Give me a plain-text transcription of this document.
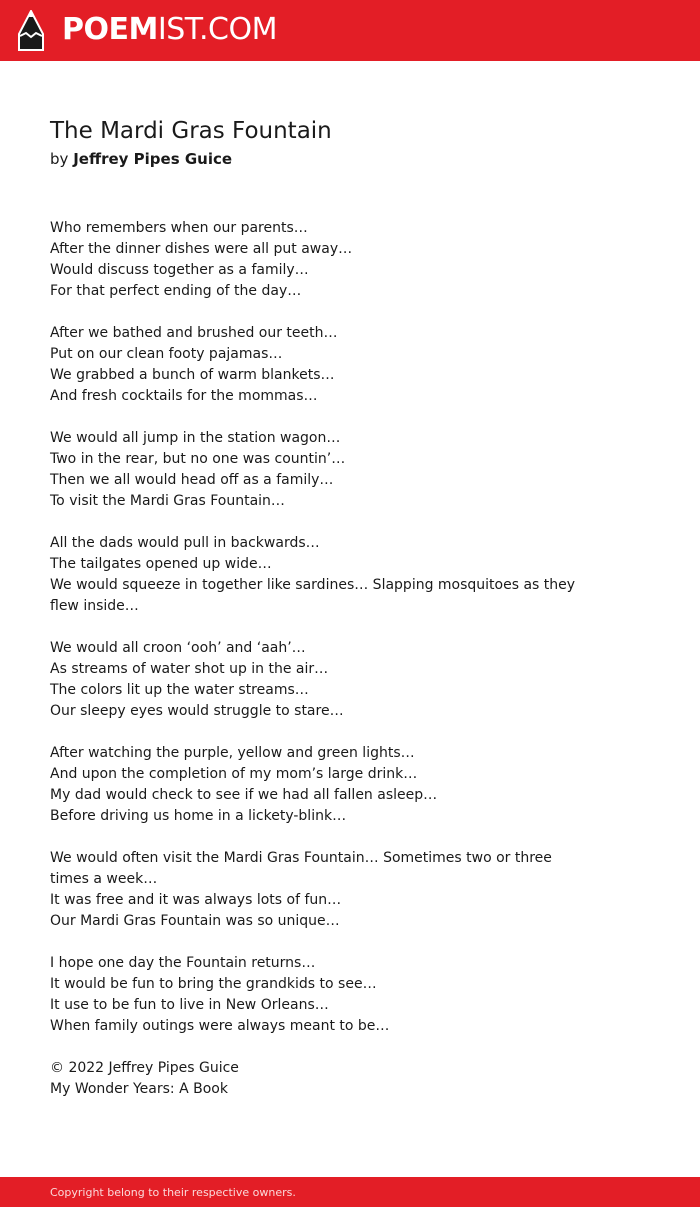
POEMIST.COM
The Mardi Gras Fountain
by Jeffrey Pipes Guice
Who remembers when our parents…
After the dinner dishes were all put away…
Would discuss together as a family…
For that perfect ending of the day…
After we bathed and brushed our teeth…
Put on our clean footy pajamas…
We grabbed a bunch of warm blankets…
And fresh cocktails for the mommas…
We would all jump in the station wagon…
Two in the rear, but no one was countin’…
Then we all would head off as a family…
To visit the Mardi Gras Fountain…
All the dads would pull in backwards…
The tailgates opened up wide…
We would squeeze in together like sardines… Slapping mosquitoes as they flew inside…
We would all croon ‘ooh’ and ‘aah’…
As streams of water shot up in the air…
The colors lit up the water streams…
Our sleepy eyes would struggle to stare…
After watching the purple, yellow and green lights…
And upon the completion of my mom’s large drink…
My dad would check to see if we had all fallen asleep…
Before driving us home in a lickety-blink…
We would often visit the Mardi Gras Fountain… Sometimes two or three times a week…
It was free and it was always lots of fun…
Our Mardi Gras Fountain was so unique…
I hope one day the Fountain returns…
It would be fun to bring the grandkids to see…
It use to be fun to live in New Orleans…
When family outings were always meant to be…
© 2022 Jeffrey Pipes Guice
My Wonder Years: A Book
Copyright belong to their respective owners.
